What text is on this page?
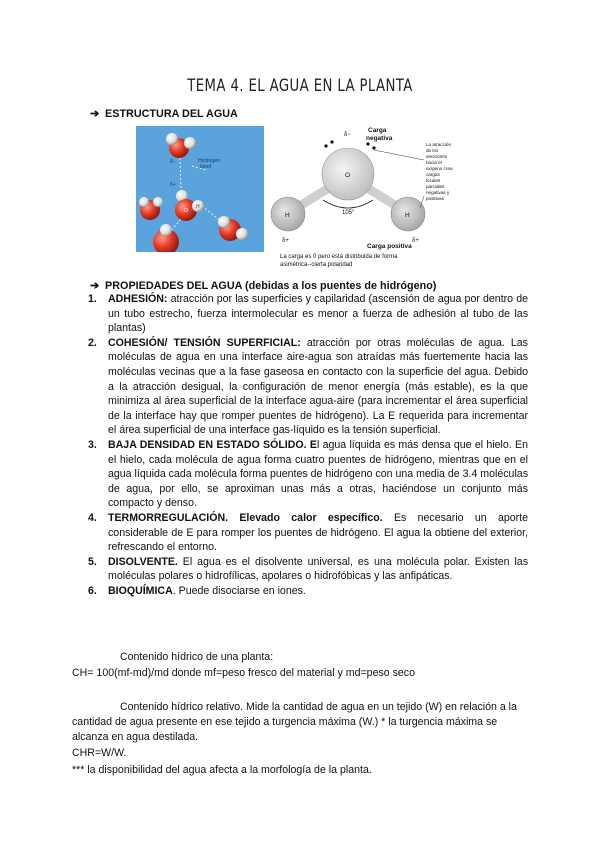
TEMA 4. EL AGUA EN LA PLANTA
➔ ESTRUCTURA DEL AGUA
Hydrogen
bond
δ−
δ+
O
H
δ−
Carga
negativa
O
H	H
105°
δ+	δ+
Carga positiva
La carga es 0 pero está distribuida de forma
asimétrica--cierta polaridad
La atracción
de los
electrones
hacia el
oxígeno crea
cargas
locales
parciales
negativas y
positivas
➔ PROPIEDADES DEL AGUA (debidas a los puentes de hidrógeno)
1. ADHESIÓN: atracción por las superficies y capilaridad (ascensión de agua por dentro de un tubo estrecho, fuerza intermolecular es menor a fuerza de adhesión al tubo de las plantas)
2. COHESIÓN/ TENSIÓN SUPERFICIAL: atracción por otras moléculas de agua. Las moléculas de agua en una interface aire-agua son atraídas más fuertemente hacia las moléculas vecinas que a la fase gaseosa en contacto con la superficie del agua. Debido a la atracción desigual, la configuración de menor energía (más estable), es la que minimiza al área superficial de la interface agua-aire (para incrementar el área superficial de la interface hay que romper puentes de hidrógeno). La E requerida para incrementar el área superficial de una interface gas-líquido es la tensión superficial.
3. BAJA DENSIDAD EN ESTADO SÓLIDO. El agua líquida es más densa que el hielo. En el hielo, cada molécula de agua forma cuatro puentes de hidrógeno, mientras que en el agua líquida cada molécula forma puentes de hidrógeno con una media de 3.4 moléculas de agua, por ello, se aproximan unas más a otras, haciéndose un conjunto más compacto y denso.
4. TERMORREGULACIÓN. Elevado calor específico. Es necesario un aporte considerable de E para romper los puentes de hidrógeno. El agua la obtiene del exterior, refrescando el entorno.
5. DISOLVENTE. El agua es el disolvente universal, es una molécula polar. Existen las moléculas polares o hidrofílicas, apolares o hidrofóbicas y las anfipáticas.
6. BIOQUÍMICA. Puede disociarse en iones.
Contenido hídrico de una planta:
CH= 100(mf-md)/md donde mf=peso fresco del material y md=peso seco
Contenido hídrico relativo. Mide la cantidad de agua en un tejido (W) en relación a la
cantidad de agua presente en ese tejido a turgencia máxima (W.) * la turgencia máxima se
alcanza en agua destilada.
CHR=W/W.
*** la disponibilidad del agua afecta a la morfología de la planta.
